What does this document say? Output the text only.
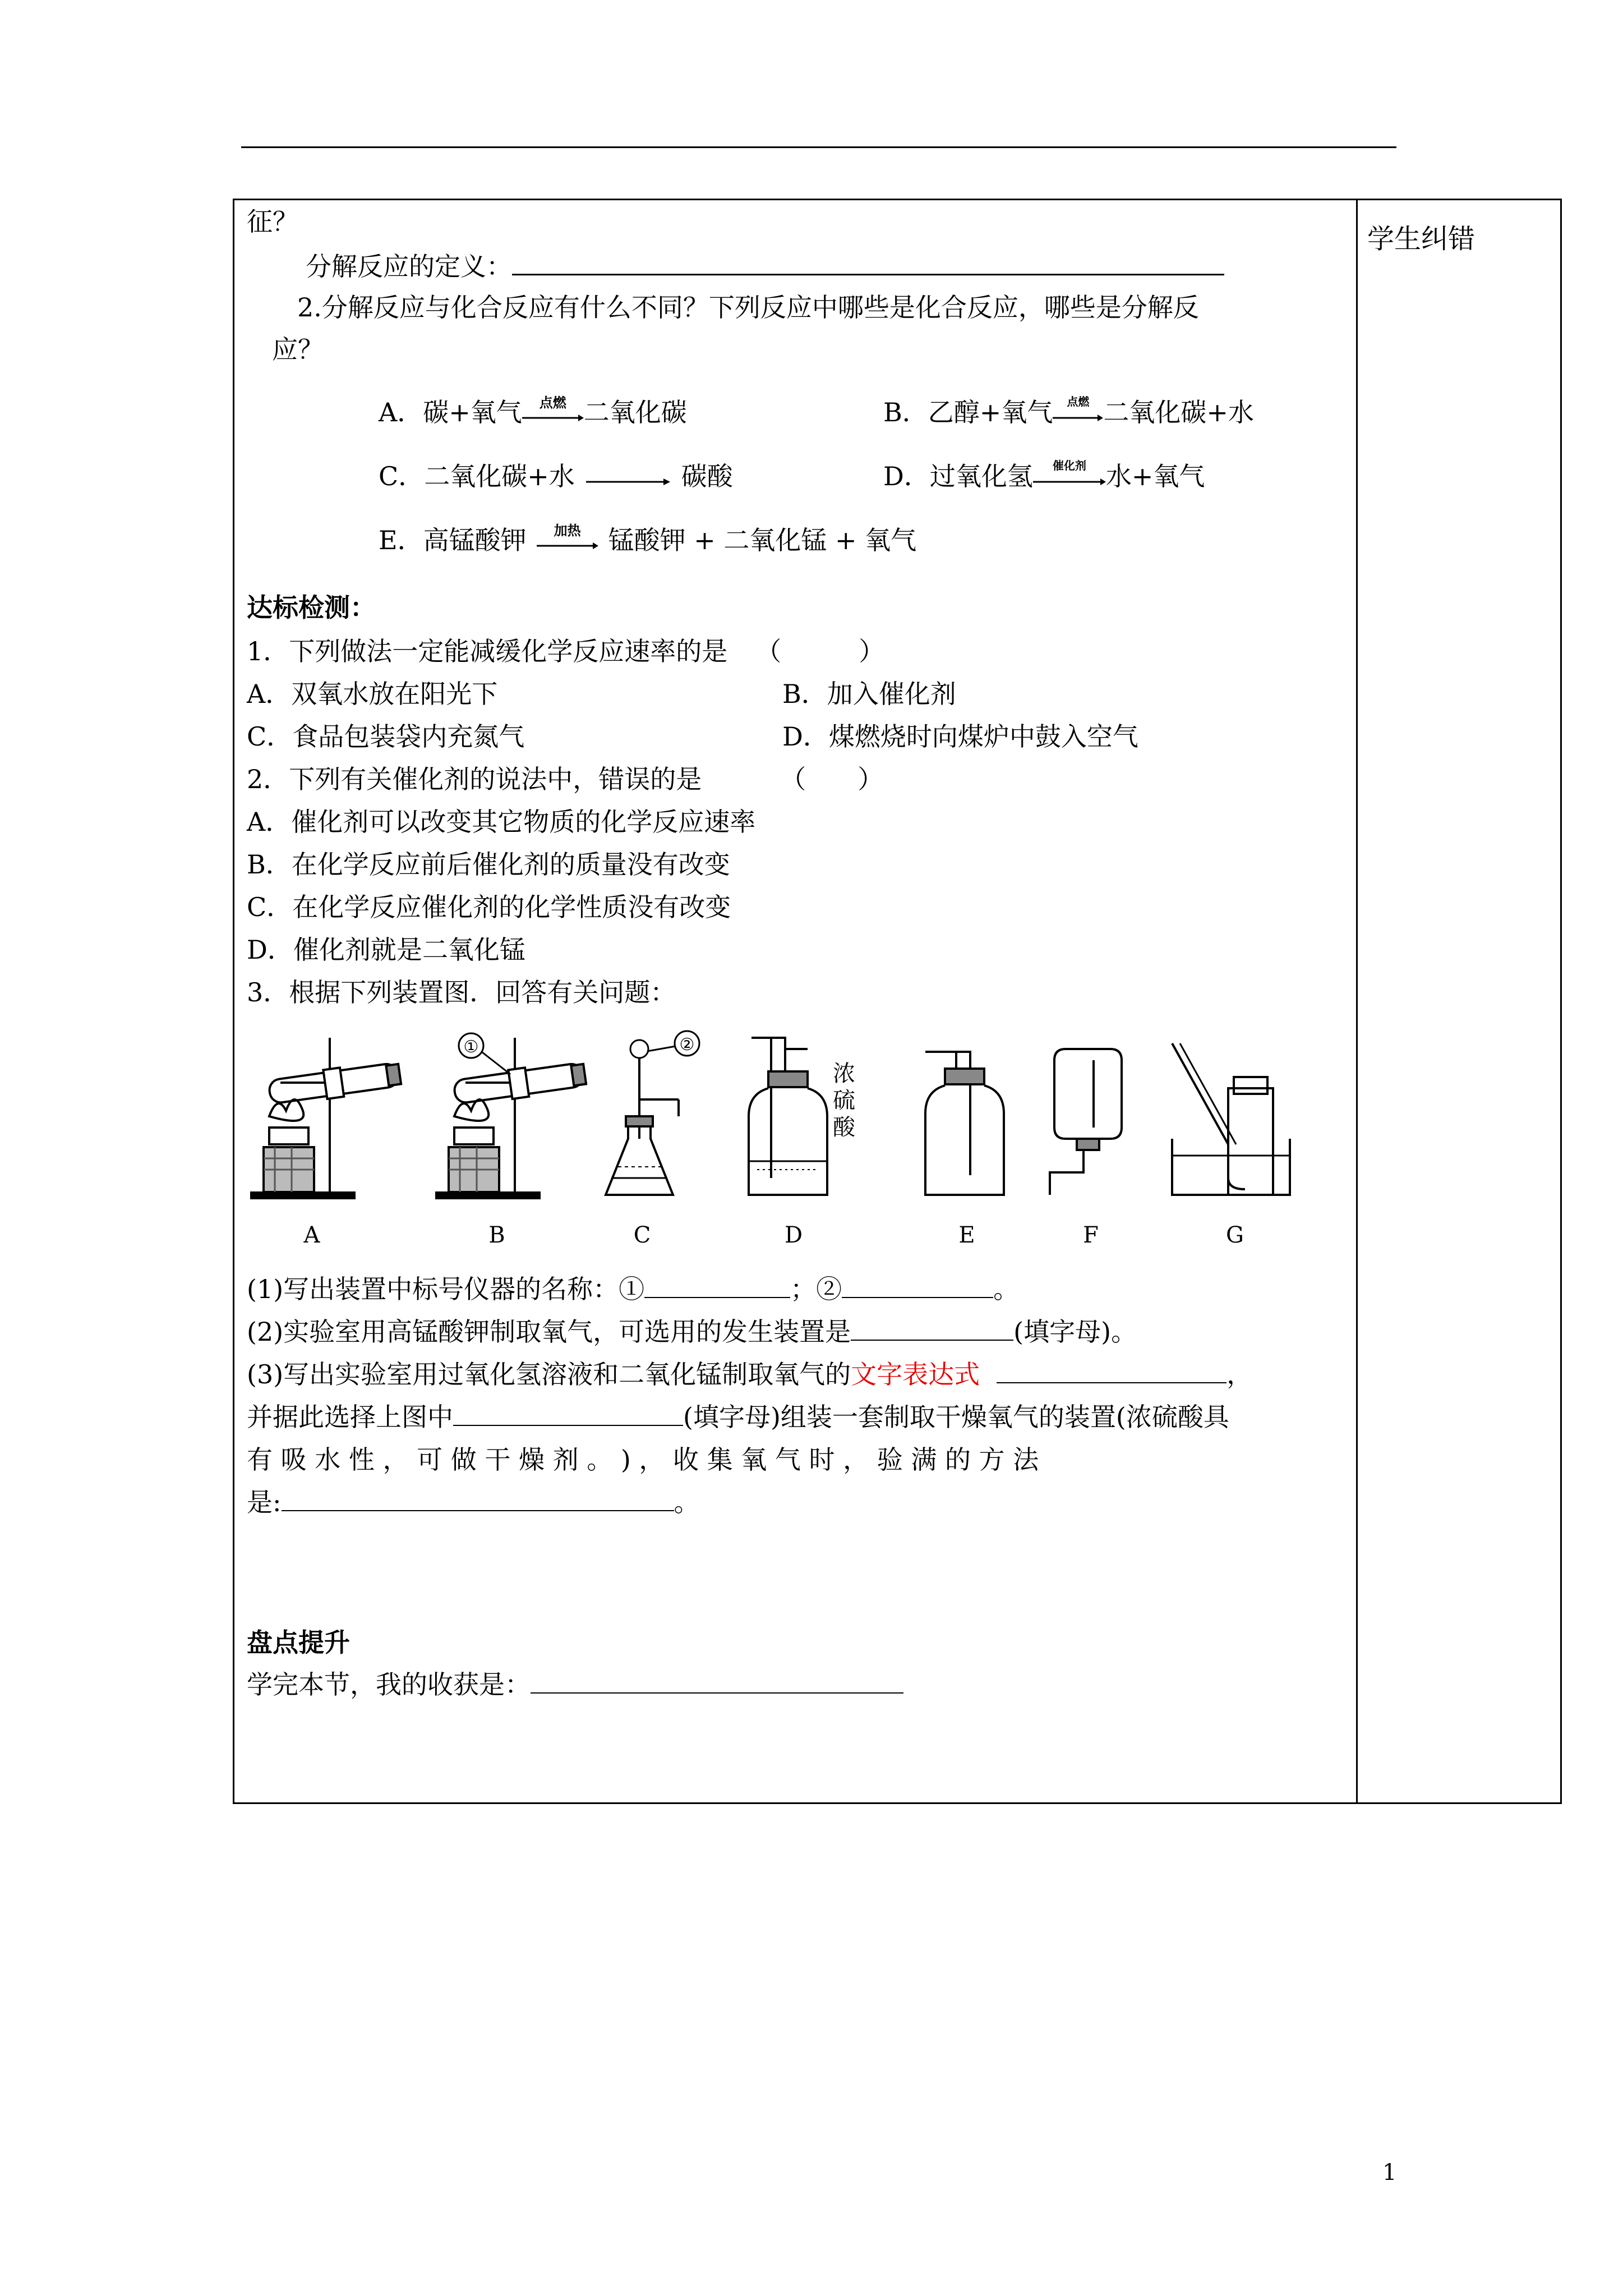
学生纠错
征？
分解反应的定义：
2.分解反应与化合反应有什么不同？下列反应中哪些是化合反应，哪些是分解反
应？
A．碳+氧气	点燃 二氧化碳	B．乙醇+氧气	点燃 二氧化碳+水
C．二氧化碳+水 → 碳酸	D．过氧化氢	催化剂 水+氧气
E．高锰酸钾	加热	锰酸钾 + 二氧化锰 + 氧气
达标检测：
1．下列做法一定能减缓化学反应速率的是 （　　　）
A．双氧水放在阳光下	B．加入催化剂
C．食品包装袋内充氮气	D．煤燃烧时向煤炉中鼓入空气
2．下列有关催化剂的说法中，错误的是	（　　）
A．催化剂可以改变其它物质的化学反应速率
B．在化学反应前后催化剂的质量没有改变
C．在化学反应催化剂的化学性质没有改变
D．催化剂就是二氧化锰
3．根据下列装置图．回答有关问题：
A	B	C	D	E	F	G
①	②
浓硫酸
(1)写出装置中标号仪器的名称：①	；②	。
(2)实验室用高锰酸钾制取氧气，可选用的发生装置是	(填字母)。
(3)写出实验室用过氧化氢溶液和二氧化锰制取氧气的文字表达式	，
并据此选择上图中	(填字母)组装一套制取干燥氧气的装置(浓硫酸具
有 吸 水 性 ， 可 做 干 燥 剂 。 ) ， 收 集 氧 气 时 ， 验 满 的 方 法
是:	。
盘点提升
学完本节，我的收获是：
1
